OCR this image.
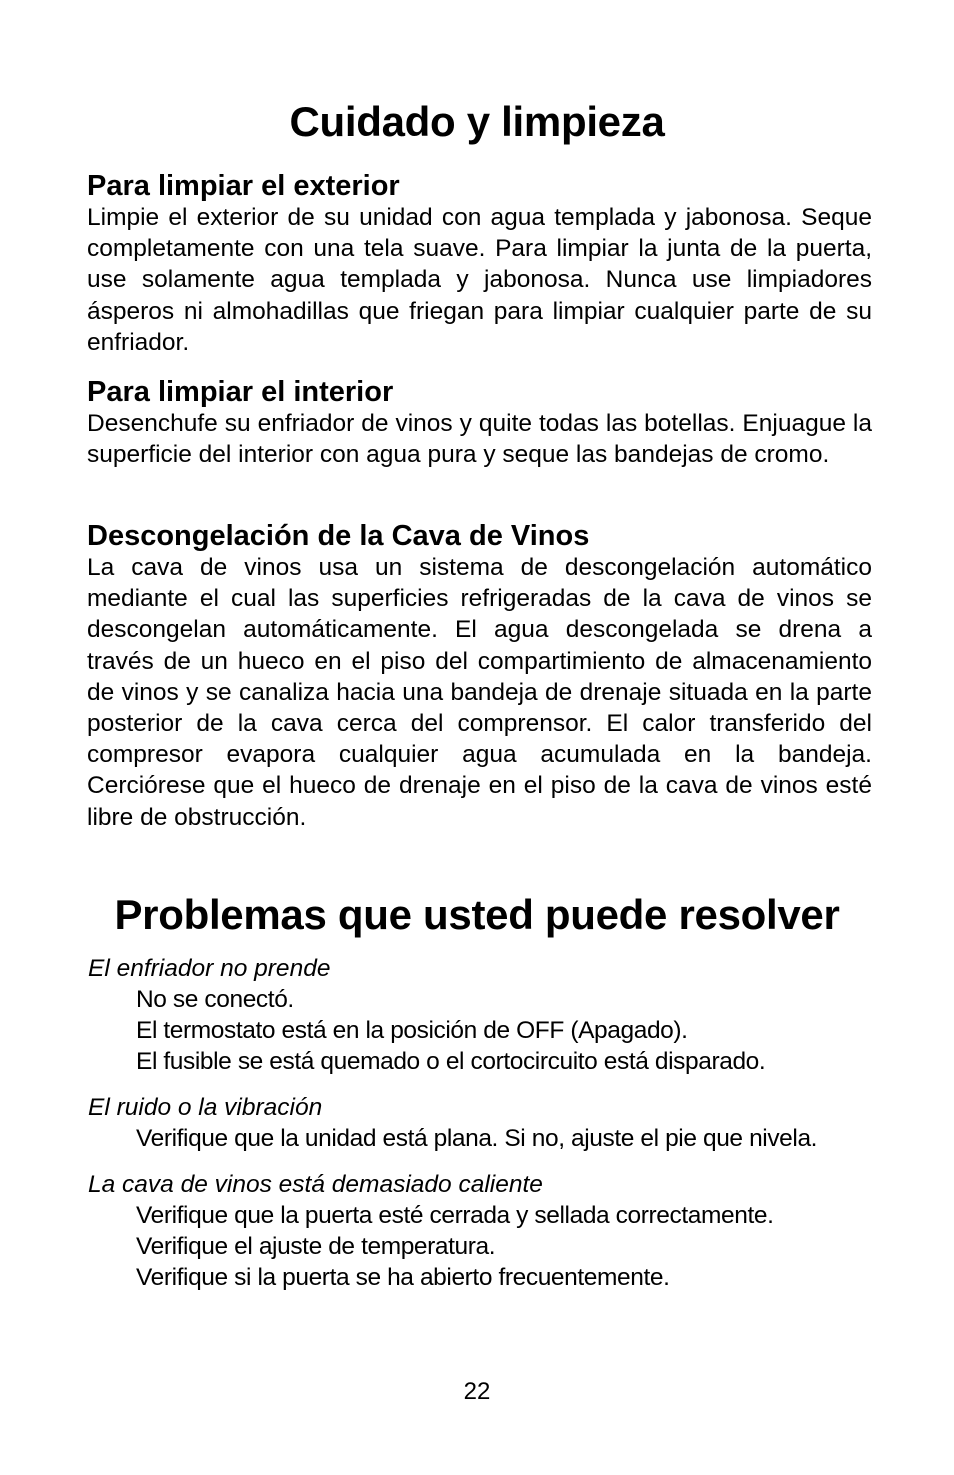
Cuidado y limpieza
Para limpiar el exterior

Limpie el exterior de su unidad con agua templada y jabonosa. Seque completamente con una tela suave. Para limpiar la junta de la puerta, use solamente agua templada y jabonosa. Nunca use limpiadores ásperos ni almohadillas que friegan para limpiar cualquier parte de su enfriador.

Para limpiar el interior

Desenchufe su enfriador de vinos y quite todas las botellas. Enjuague la superficie del interior con agua pura y seque las bandejas de cromo.

Descongelación de la Cava de Vinos

La cava de vinos usa un sistema de descongelación automático mediante el cual las superficies refrigeradas de la cava de vinos se descongelan automáticamente. El agua descongelada se drena a través de un hueco en el piso del compartimiento de almacenamiento de vinos y se canaliza hacia una bandeja de drenaje situada en la parte posterior de la cava cerca del comprensor. El calor transferido del compresor evapora cualquier agua acumulada en la bandeja. Cerciórese que el hueco de drenaje en el piso de la cava de vinos esté libre de obstrucción.

Problemas que usted puede resolver

El enfriador no prende

No se conectó.
El termostato está en la posición de OFF (Apagado).
El fusible se está quemado o el cortocircuito está disparado.

El ruido o la vibración

Verifique que la unidad está plana. Si no, ajuste el pie que nivela.

La cava de vinos está demasiado caliente

Verifique que la puerta esté cerrada y sellada correctamente.
Verifique el ajuste de temperatura.
Verifique si la puerta se ha abierto frecuentemente.
22
